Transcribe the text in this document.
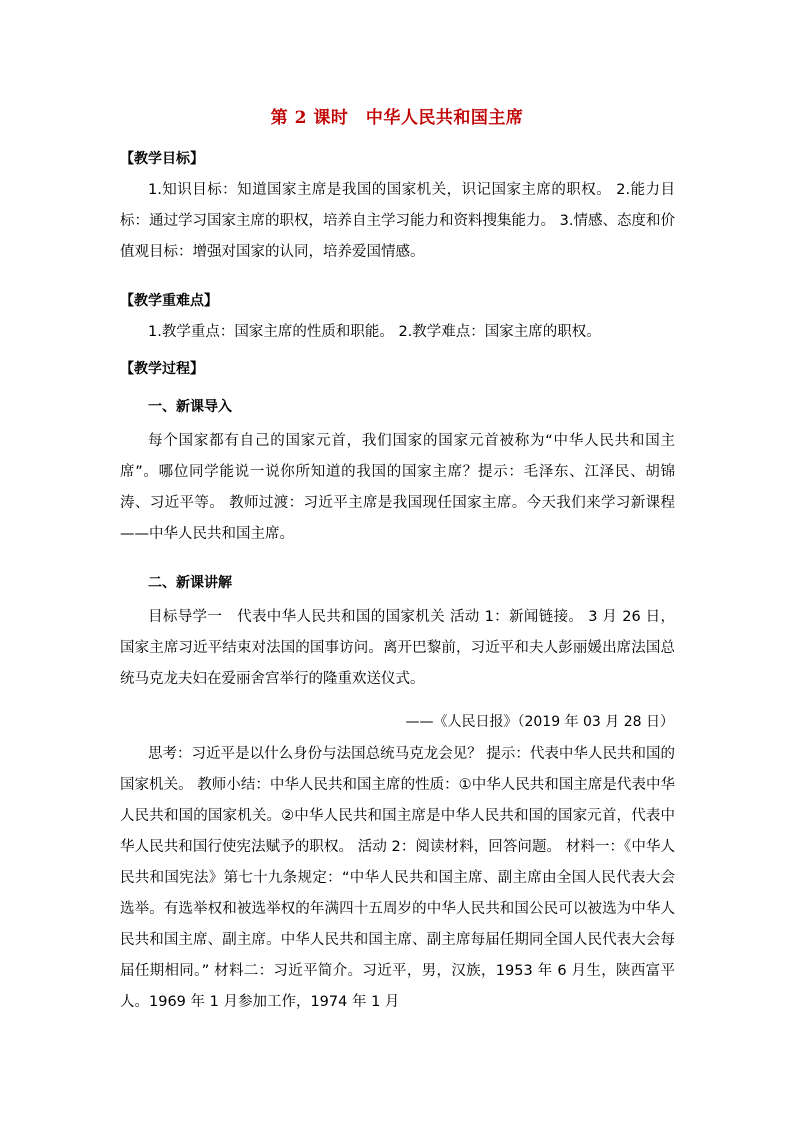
第 2 课时　中华人民共和国主席
【教学目标】
1.知识目标：知道国家主席是我国的国家机关，识记国家主席的职权。 2.能力目标：通过学习国家主席的职权，培养自主学习能力和资料搜集能力。 3.情感、态度和价值观目标：增强对国家的认同，培养爱国情感。
【教学重难点】
1.教学重点：国家主席的性质和职能。 2.教学难点：国家主席的职权。
【教学过程】
一、新课导入
每个国家都有自己的国家元首，我们国家的国家元首被称为“中华人民共和国主席”。哪位同学能说一说你所知道的我国的国家主席？提示：毛泽东、江泽民、胡锦涛、习近平等。 教师过渡：习近平主席是我国现任国家主席。今天我们来学习新课程——中华人民共和国主席。
二、新课讲解
目标导学一　代表中华人民共和国的国家机关 活动 1：新闻链接。 3 月 26 日，国家主席习近平结束对法国的国事访问。离开巴黎前，习近平和夫人彭丽媛出席法国总统马克龙夫妇在爱丽舍宫举行的隆重欢送仪式。
——《人民日报》（2019 年 03 月 28 日）
思考：习近平是以什么身份与法国总统马克龙会见？ 提示：代表中华人民共和国的国家机关。 教师小结：中华人民共和国主席的性质：①中华人民共和国主席是代表中华人民共和国的国家机关。②中华人民共和国主席是中华人民共和国的国家元首，代表中华人民共和国行使宪法赋予的职权。 活动 2：阅读材料，回答问题。 材料一：《中华人民共和国宪法》第七十九条规定：“中华人民共和国主席、副主席由全国人民代表大会选举。有选举权和被选举权的年满四十五周岁的中华人民共和国公民可以被选为中华人民共和国主席、副主席。中华人民共和国主席、副主席每届任期同全国人民代表大会每届任期相同。” 材料二：习近平简介。习近平，男，汉族，1953 年 6 月生，陕西富平人。1969 年 1 月参加工作，1974 年 1 月
